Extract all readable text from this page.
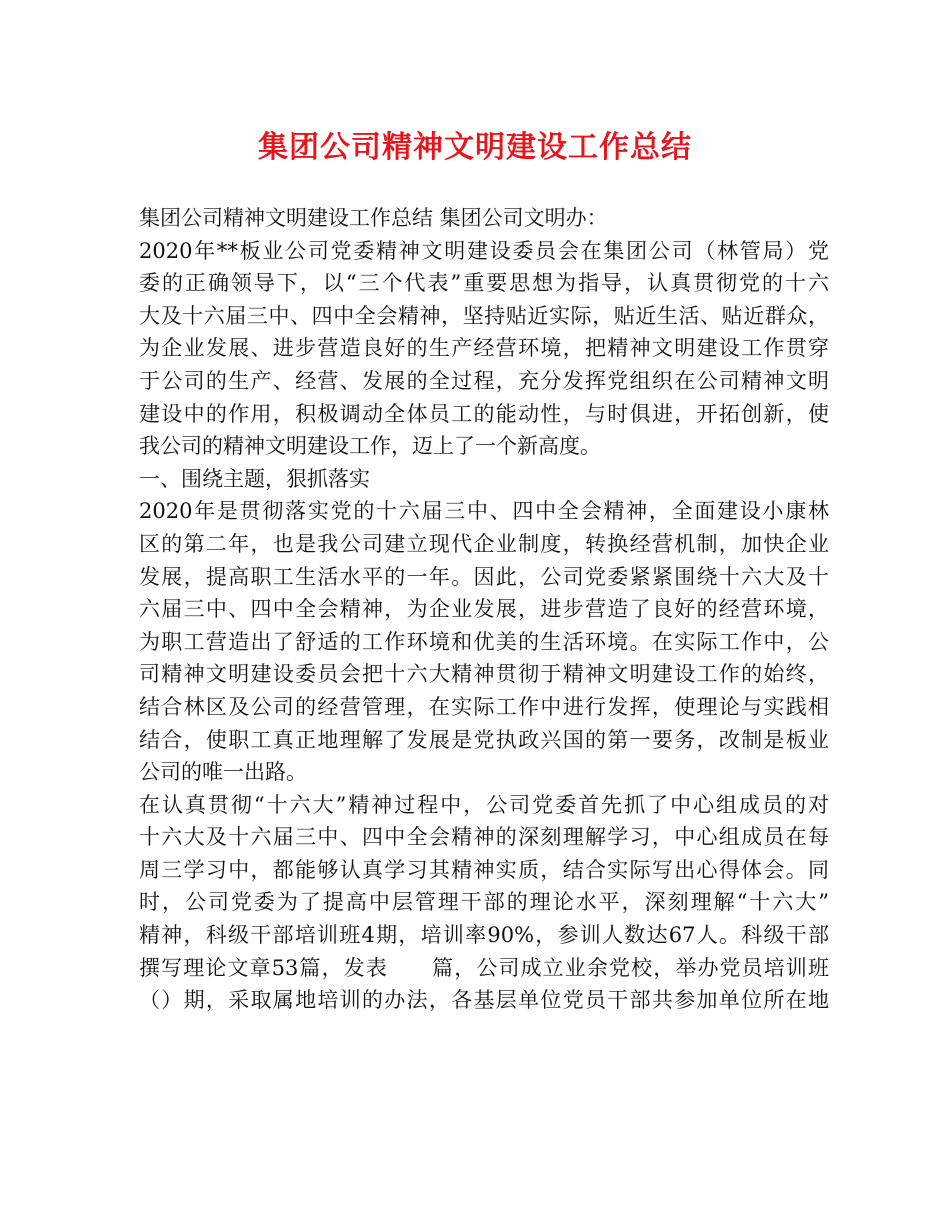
集团公司精神文明建设工作总结
集团公司精神文明建设工作总结 集团公司文明办：
2020年**板业公司党委精神文明建设委员会在集团公司（林管局）党
委的正确领导下，以“三个代表”重要思想为指导，认真贯彻党的十六
大及十六届三中、四中全会精神，坚持贴近实际，贴近生活、贴近群众，
为企业发展、进步营造良好的生产经营环境，把精神文明建设工作贯穿
于公司的生产、经营、发展的全过程，充分发挥党组织在公司精神文明
建设中的作用，积极调动全体员工的能动性，与时俱进，开拓创新，使
我公司的精神文明建设工作，迈上了一个新高度。
一、围绕主题，狠抓落实
2020年是贯彻落实党的十六届三中、四中全会精神，全面建设小康林
区的第二年，也是我公司建立现代企业制度，转换经营机制，加快企业
发展，提高职工生活水平的一年。因此，公司党委紧紧围绕十六大及十
六届三中、四中全会精神，为企业发展，进步营造了良好的经营环境，
为职工营造出了舒适的工作环境和优美的生活环境。在实际工作中，公
司精神文明建设委员会把十六大精神贯彻于精神文明建设工作的始终，
结合林区及公司的经营管理，在实际工作中进行发挥，使理论与实践相
结合，使职工真正地理解了发展是党执政兴国的第一要务，改制是板业
公司的唯一出路。
在认真贯彻“十六大”精神过程中，公司党委首先抓了中心组成员的对
十六大及十六届三中、四中全会精神的深刻理解学习，中心组成员在每
周三学习中，都能够认真学习其精神实质，结合实际写出心得体会。同
时，公司党委为了提高中层管理干部的理论水平，深刻理解“十六大”
精神，科级干部培训班4期，培训率90%，参训人数达67人。科级干部
撰写理论文章53篇，发表　　篇，公司成立业余党校，举办党员培训班
（）期，采取属地培训的办法，各基层单位党员干部共参加单位所在地
